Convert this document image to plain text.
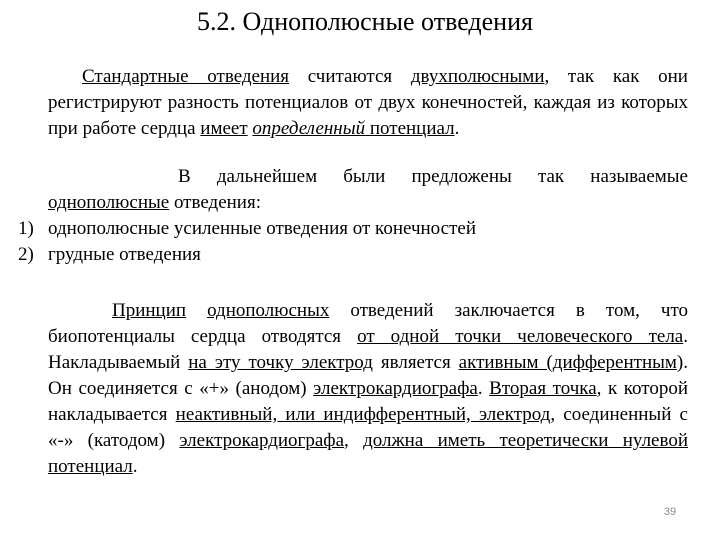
5.2. Однополюсные отведения
Стандартные отведения считаются двухполюсными, так как они регистрируют разность потенциалов от двух конечностей, каждая из которых при работе сердца имеет определенный потенциал.
В дальнейшем были предложены так называемые однополюсные отведения:
1) однополюсные усиленные отведения от конечностей
2) грудные отведения
Принцип однополюсных отведений заключается в том, что биопотенциалы сердца отводятся от одной точки человеческого тела. Накладываемый на эту точку электрод является активным (дифферентным). Он соединяется с «+» (анодом) электрокардиографа. Вторая точка, к которой накладывается неактивный, или индифферентный, электрод, соединенный с «-» (катодом) электрокардиографа, должна иметь теоретически нулевой потенциал.
39
